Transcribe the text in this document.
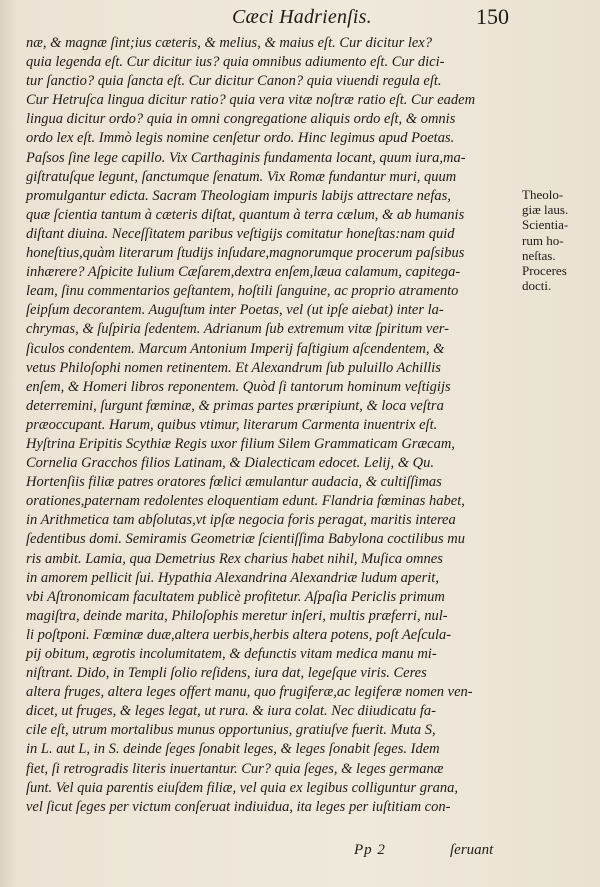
Cæci Hadrienſis.	150
næ, & magnæ ſint;ius cæteris, & melius, & maius eſt. Cur dicitur lex?
quia legenda eſt. Cur dicitur ius? quia omnibus adiumento eſt. Cur dici-
tur ſanctio? quia ſancta eſt. Cur dicitur Canon? quia viuendi regula eſt.
Cur Hetruſca lingua dicitur ratio? quia vera vitæ noſtræ ratio eſt. Cur eadem
lingua dicitur ordo? quia in omni congregatione aliquis ordo eſt, & omnis
ordo lex eſt. Immò legis nomine cenſetur ordo. Hinc legimus apud Poetas.
Paſsos ſine lege capillo. Vix Carthaginis fundamenta locant, quum iura,ma-
giſtratuſque legunt, ſanctumque ſenatum. Vix Romæ fundantur muri, quum
promulgantur edicta. Sacram Theologiam impuris labijs attrectare nefas,
quæ ſcientia tantum à cæteris diſtat, quantum à terra cælum, & ab humanis
diſtant diuina. Neceſſitatem paribus veſtigijs comitatur honeſtas:nam quid
honeſtius,quàm literarum ſtudijs inſudare,magnorumque procerum paſsibus
inhærere? Aſpicite Iulium Cæſarem,dextra enſem,læua calamum, capitega-
leam, ſinu commentarios geſtantem, hoſtili ſanguine, ac proprio atramento
ſeipſum decorantem. Auguſtum inter Poetas, vel (ut ipſe aiebat) inter la-
chrymas, & ſuſpiria ſedentem. Adrianum ſub extremum vitæ ſpiritum ver-
ſiculos condentem. Marcum Antonium Imperij faſtigium aſcendentem, &
vetus Philoſophi nomen retinentem. Et Alexandrum ſub puluillo Achillis
enſem, & Homeri libros reponentem. Quòd ſi tantorum hominum veſtigijs
deterremini, ſurgunt fœminæ, & primas partes præripiunt, & loca veſtra
præoccupant. Harum, quibus vtimur, literarum Carmenta inuentrix eſt.
Hyſtrina Eripitis Scythiæ Regis uxor filium Silem Grammaticam Græcam,
Cornelia Gracchos filios Latinam, & Dialecticam edocet. Lelij, & Qu.
Hortenſiis filiæ patres oratores fœlici æmulantur audacia, & cultiſſimas
orationes,paternam redolentes eloquentiam edunt. Flandria fœminas habet,
in Arithmetica tam abſolutas,vt ipſæ negocia foris peragat, maritis interea
ſedentibus domi. Semiramis Geometriæ ſcientiſſima Babylona coctilibus mu
ris ambit. Lamia, qua Demetrius Rex charius habet nihil, Muſica omnes
in amorem pellicit ſui. Hypathia Alexandrina Alexandriæ ludum aperit,
vbi Aſtronomicam facultatem publicè profitetur. Aſpaſia Periclis primum
magiſtra, deinde marita, Philoſophis meretur inſeri, multis præferri, nul-
li poſtponi. Fœminæ duæ,altera uerbis,herbis altera potens, poſt Aeſcula-
pij obitum, ægrotis incolumitatem, & defunctis vitam medica manu mi-
niſtrant. Dido, in Templi ſolio reſidens, iura dat, legeſque viris. Ceres
altera fruges, altera leges offert manu, quo frugiferæ,ac legiferæ nomen ven-
dicet, ut fruges, & leges legat, ut rura. & iura colat. Nec diiudicatu fa-
cile eſt, utrum mortalibus munus opportunius, gratiuſve fuerit. Muta S,
in L. aut L, in S. deinde ſeges ſonabit leges, & leges ſonabit ſeges. Idem
fiet, ſi retrogradis literis inuertantur. Cur? quia ſeges, & leges germanæ
ſunt. Vel quia parentis eiuſdem filiæ, vel quia ex legibus colliguntur grana,
vel ſicut ſeges per victum conſeruat indiuidua, ita leges per iuſtitiam con-
Theolo-
giæ laus.
Scientia-
rum ho-
neſtas.
Proceres
docti.
Pp 2	ſeruant
